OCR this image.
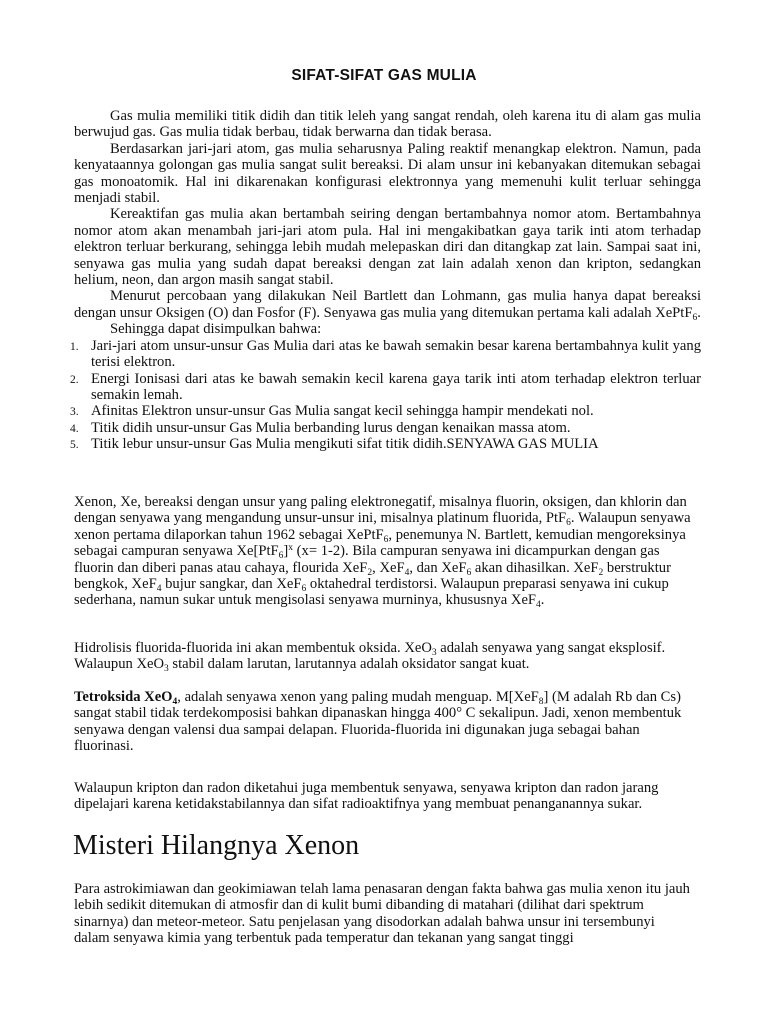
SIFAT-SIFAT GAS MULIA

Gas mulia memiliki titik didih dan titik leleh yang sangat rendah, oleh karena itu di alam gas mulia berwujud gas. Gas mulia tidak berbau, tidak berwarna dan tidak berasa.

Berdasarkan jari-jari atom, gas mulia seharusnya Paling reaktif menangkap elektron. Namun, pada kenyataannya golongan gas mulia sangat sulit bereaksi. Di alam unsur ini kebanyakan ditemukan sebagai gas monoatomik. Hal ini dikarenakan konfigurasi elektronnya yang memenuhi kulit terluar sehingga menjadi stabil.

Kereaktifan gas mulia akan bertambah seiring dengan bertambahnya nomor atom. Bertambahnya nomor atom akan menambah jari-jari atom pula. Hal ini mengakibatkan gaya tarik inti atom terhadap elektron terluar berkurang, sehingga lebih mudah melepaskan diri dan ditangkap zat lain. Sampai saat ini, senyawa gas mulia yang sudah dapat bereaksi dengan zat lain adalah xenon dan kripton, sedangkan helium, neon, dan argon masih sangat stabil.

Menurut percobaan yang dilakukan Neil Bartlett dan Lohmann, gas mulia hanya dapat bereaksi dengan unsur Oksigen (O) dan Fosfor (F). Senyawa gas mulia yang ditemukan pertama kali adalah XePtF$_6$.

Sehingga dapat disimpulkan bahwa:

1. Jari-jari atom unsur-unsur Gas Mulia dari atas ke bawah semakin besar karena bertambahnya kulit yang terisi elektron.
2. Energi Ionisasi dari atas ke bawah semakin kecil karena gaya tarik inti atom terhadap elektron terluar semakin lemah.
3. Afinitas Elektron unsur-unsur Gas Mulia sangat kecil sehingga hampir mendekati nol.
4. Titik didih unsur-unsur Gas Mulia berbanding lurus dengan kenaikan massa atom.
5. Titik lebur unsur-unsur Gas Mulia mengikuti sifat titik didih.SENYAWA GAS MULIA

Xenon, Xe, bereaksi dengan unsur yang paling elektronegatif, misalnya fluorin, oksigen, dan khlorin dan dengan senyawa yang mengandung unsur-unsur ini, misalnya platinum fluorida, PtF$_6$. Walaupun senyawa xenon pertama dilaporkan tahun 1962 sebagai XePtF$_6$, penemunya N. Bartlett, kemudian mengoreksinya sebagai campuran senyawa $Xe[PtF_6]^x$ (x= 1-2). Bila campuran senyawa ini dicampurkan dengan gas fluorin dan diberi panas atau cahaya, flourida XeF$_2$, XeF$_4$, dan XeF$_6$ akan dihasilkan. XeF$_2$ berstruktur bengkok, XeF$_4$ bujur sangkar, dan XeF$_6$ oktahedral terdistorsi. Walaupun preparasi senyawa ini cukup sederhana, namun sukar untuk mengisolasi senyawa murninya, khususnya XeF$_4$.

Hidrolisis fluorida-fluorida ini akan membentuk oksida. XeO$_3$ adalah senyawa yang sangat eksplosif. Walaupun XeO$_3$ stabil dalam larutan, larutannya adalah oksidator sangat kuat.

Tetroksida XeO$_4$, adalah senyawa xenon yang paling mudah menguap. M[XeF$_8$] (M adalah Rb dan Cs) sangat stabil tidak terdekomposisi bahkan dipanaskan hingga 400° C sekalipun. Jadi, xenon membentuk senyawa dengan valensi dua sampai delapan. Fluorida-fluorida ini digunakan juga sebagai bahan fluorinasi.

Walaupun kripton dan radon diketahui juga membentuk senyawa, senyawa kripton dan radon jarang dipelajari karena ketidakstabilannya dan sifat radioaktifnya yang membuat penanganannya sukar.

Misteri Hilangnya Xenon

Para astrokimiawan dan geokimiawan telah lama penasaran dengan fakta bahwa gas mulia xenon itu jauh lebih sedikit ditemukan di atmosfir dan di kulit bumi dibanding di matahari (dilihat dari spektrum sinarnya) dan meteor-meteor. Satu penjelasan yang disodorkan adalah bahwa unsur ini tersembunyi dalam senyawa kimia yang terbentuk pada temperatur dan tekanan yang sangat tinggi
